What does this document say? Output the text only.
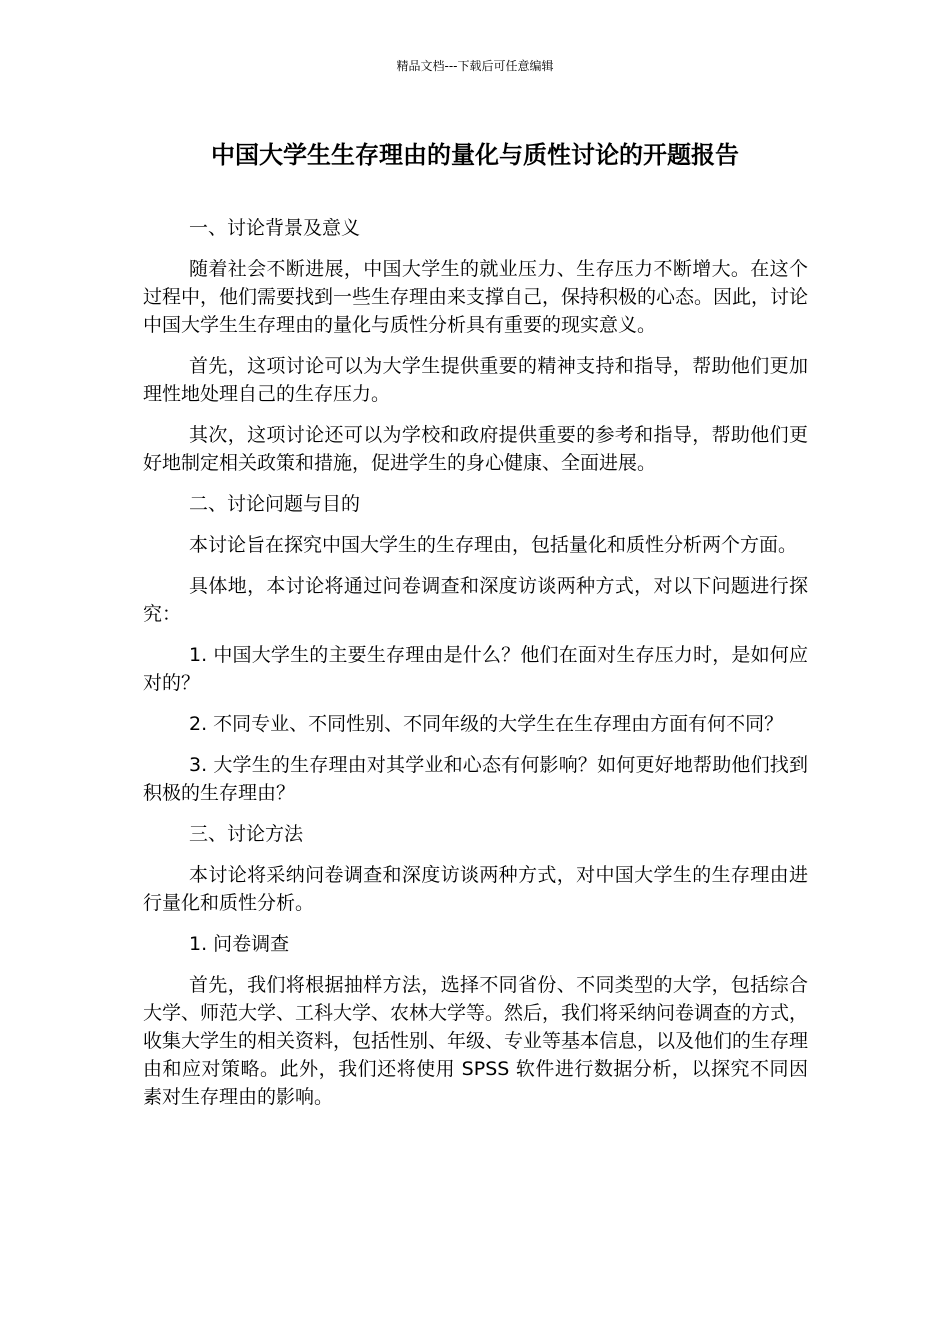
精品文档---下载后可任意编辑
中国大学生生存理由的量化与质性讨论的开题报告

一、讨论背景及意义

随着社会不断进展，中国大学生的就业压力、生存压力不断增大。在这个过程中，他们需要找到一些生存理由来支撑自己，保持积极的心态。因此，讨论中国大学生生存理由的量化与质性分析具有重要的现实意义。

首先，这项讨论可以为大学生提供重要的精神支持和指导，帮助他们更加理性地处理自己的生存压力。

其次，这项讨论还可以为学校和政府提供重要的参考和指导，帮助他们更好地制定相关政策和措施，促进学生的身心健康、全面进展。

二、讨论问题与目的

本讨论旨在探究中国大学生的生存理由，包括量化和质性分析两个方面。

具体地，本讨论将通过问卷调查和深度访谈两种方式，对以下问题进行探究：

1. 中国大学生的主要生存理由是什么？他们在面对生存压力时，是如何应对的？

2. 不同专业、不同性别、不同年级的大学生在生存理由方面有何不同？

3. 大学生的生存理由对其学业和心态有何影响？如何更好地帮助他们找到积极的生存理由？

三、讨论方法

本讨论将采纳问卷调查和深度访谈两种方式，对中国大学生的生存理由进行量化和质性分析。

1. 问卷调查

首先，我们将根据抽样方法，选择不同省份、不同类型的大学，包括综合大学、师范大学、工科大学、农林大学等。然后，我们将采纳问卷调查的方式，收集大学生的相关资料，包括性别、年级、专业等基本信息，以及他们的生存理由和应对策略。此外，我们还将使用 SPSS 软件进行数据分析，以探究不同因素对生存理由的影响。
